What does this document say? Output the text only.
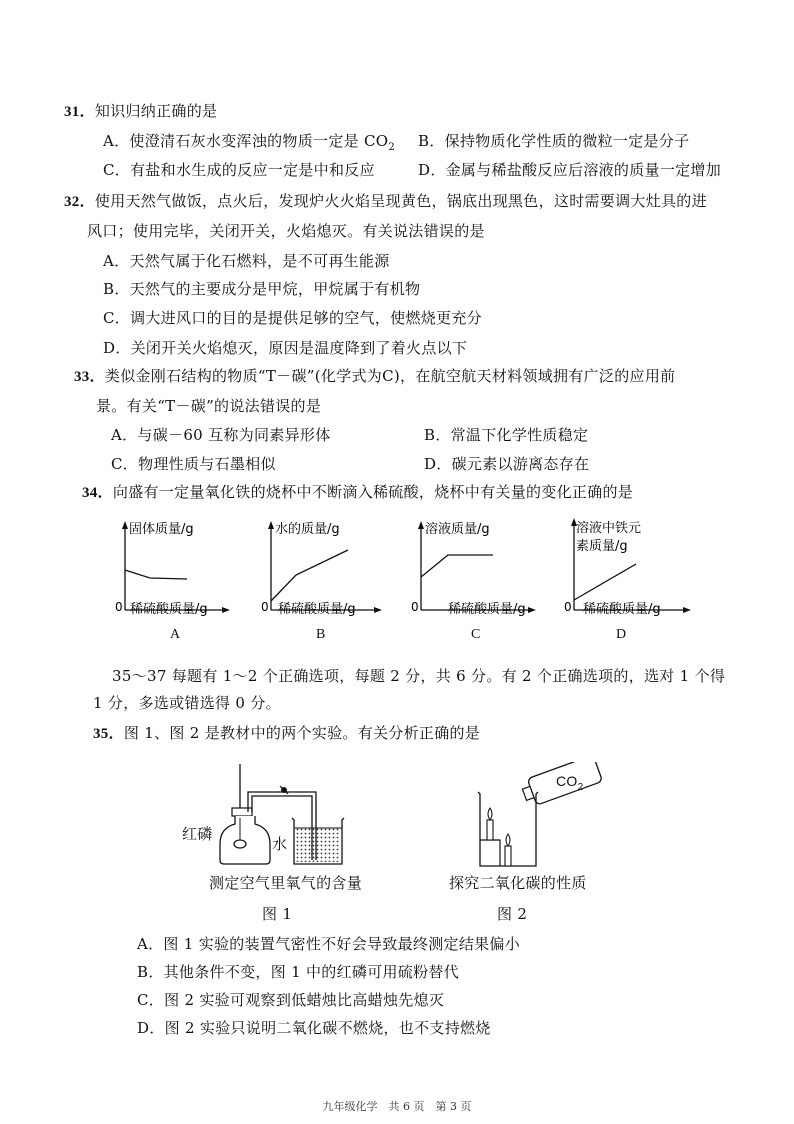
31．知识归纳正确的是
A．使澄清石灰水变浑浊的物质一定是 $CO_2$ B．保持物质化学性质的微粒一定是分子
C．有盐和水生成的反应一定是中和反应	D．金属与稀盐酸反应后溶液的质量一定增加
32．使用天然气做饭，点火后，发现炉火火焰呈现黄色，锅底出现黑色，这时需要调大灶具的进
风口；使用完毕，关闭开关，火焰熄灭。有关说法错误的是
A．天然气属于化石燃料，是不可再生能源
B．天然气的主要成分是甲烷，甲烷属于有机物
C．调大进风口的目的是提供足够的空气，使燃烧更充分
D．关闭开关火焰熄灭，原因是温度降到了着火点以下
33．类似金刚石结构的物质“T－碳”(化学式为C)，在航空航天材料领域拥有广泛的应用前
景。有关“T－碳”的说法错误的是
A．与碳－60 互称为同素异形体	B．常温下化学性质稳定
C．物理性质与石墨相似	D．碳元素以游离态存在
34．向盛有一定量氧化铁的烧杯中不断滴入稀硫酸，烧杯中有关量的变化正确的是
固体质量/g
0 稀硫酸质量/g
A
水的质量/g
0 稀硫酸质量/g
B
溶液质量/g
0 稀硫酸质量/g
C
溶液中铁元
素质量/g
0 稀硫酸质量/g
D
35～37 每题有 1～2 个正确选项，每题 2 分，共 6 分。有 2 个正确选项的，选对 1 个得
1 分，多选或错选得 0 分。
35．图 1、图 2 是教材中的两个实验。有关分析正确的是
红磷
水
测定空气里氧气的含量
图 1
$CO_2$
探究二氧化碳的性质
图 2
A．图 1 实验的装置气密性不好会导致最终测定结果偏小
B．其他条件不变，图 1 中的红磷可用硫粉替代
C．图 2 实验可观察到低蜡烛比高蜡烛先熄灭
D．图 2 实验只说明二氧化碳不燃烧，也不支持燃烧
九年级化学　共 6 页　第 3 页
